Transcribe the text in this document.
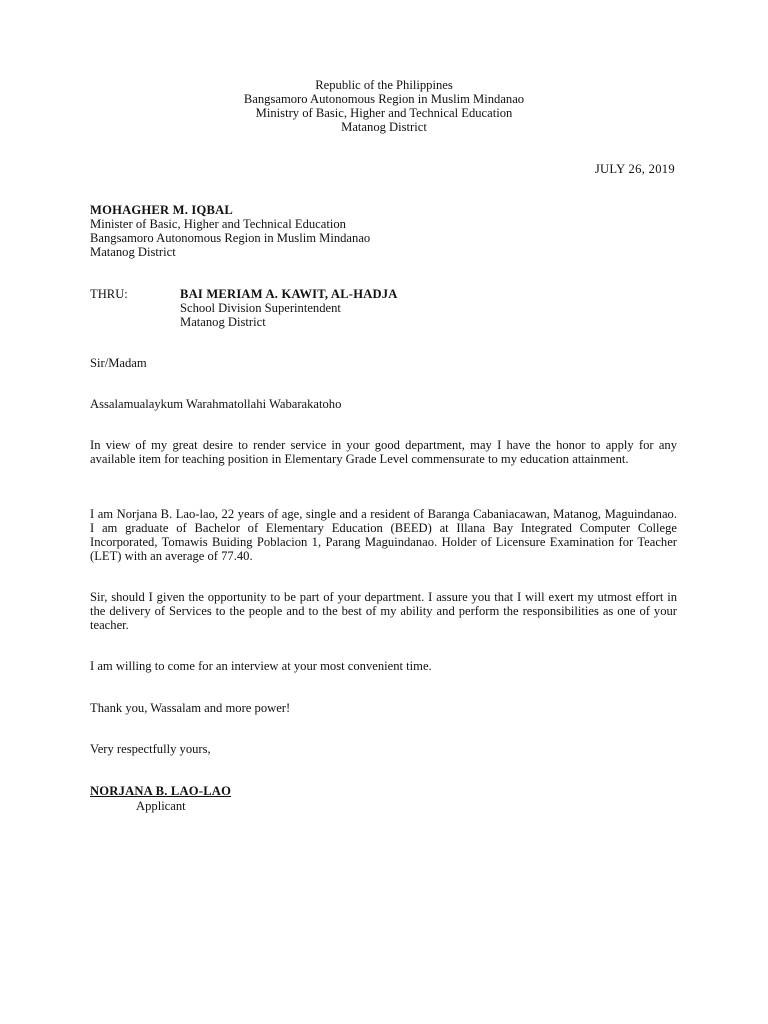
Republic of the Philippines
Bangsamoro Autonomous Region in Muslim Mindanao
Ministry of Basic, Higher and Technical Education
Matanog District
JULY 26, 2019
MOHAGHER M. IQBAL
Minister of Basic, Higher and Technical Education
Bangsamoro Autonomous Region in Muslim Mindanao
Matanog District
THRU:	BAI MERIAM A. KAWIT, AL-HADJA
School Division Superintendent
Matanog District
Sir/Madam
Assalamualaykum Warahmatollahi Wabarakatoho
In view of my great desire to render service in your good department, may I have the honor to apply for any available item for teaching position in Elementary Grade Level commensurate to my education attainment.
I am Norjana B. Lao-lao, 22 years of age, single and a resident of Baranga Cabaniacawan, Matanog, Maguindanao. I am graduate of Bachelor of Elementary Education (BEED) at Illana Bay Integrated Computer College Incorporated, Tomawis Buiding Poblacion 1, Parang Maguindanao. Holder of Licensure Examination for Teacher (LET) with an average of 77.40.
Sir, should I given the opportunity to be part of your department. I assure you that I will exert my utmost effort in the delivery of Services to the people and to the best of my ability and perform the responsibilities as one of your teacher.
I am willing to come for an interview at your most convenient time.
Thank you, Wassalam and more power!
Very respectfully yours,
NORJANA B. LAO-LAO
Applicant
